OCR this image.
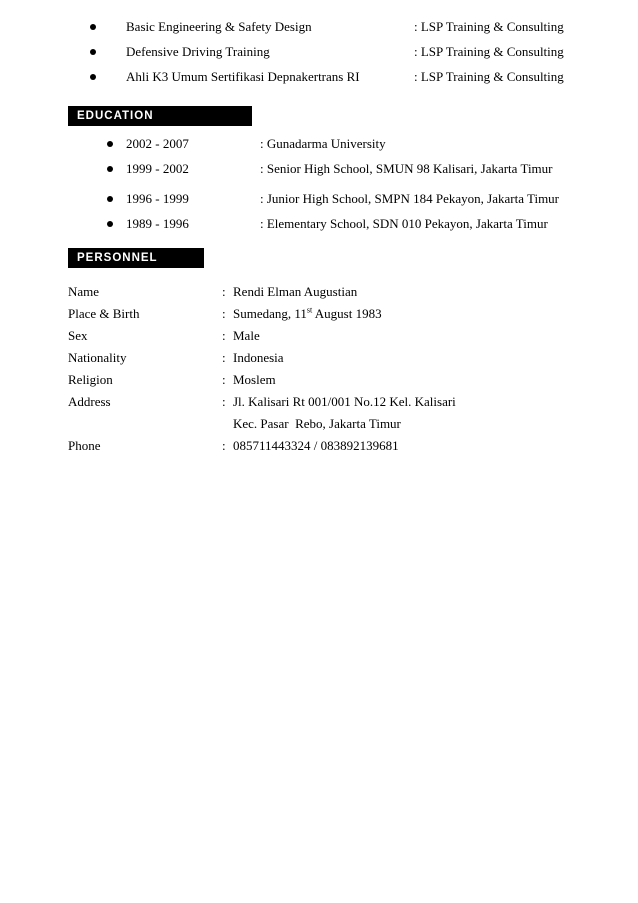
Basic Engineering & Safety Design	: LSP Training & Consulting
Defensive Driving Training	: LSP Training & Consulting
Ahli K3 Umum Sertifikasi Depnakertrans RI	: LSP Training & Consulting
EDUCATION
2002 - 2007	: Gunadarma University
1999 - 2002	: Senior High School, SMUN 98 Kalisari, Jakarta Timur
1996 - 1999	: Junior High School, SMPN 184 Pekayon, Jakarta Timur
1989 - 1996	: Elementary School, SDN 010 Pekayon, Jakarta Timur
PERSONNEL
Name	: Rendi Elman Augustian
Place & Birth	: Sumedang, 11st August 1983
Sex	: Male
Nationality	: Indonesia
Religion	: Moslem
Address	: Jl. Kalisari Rt 001/001 No.12 Kel. Kalisari
Kec. Pasar  Rebo, Jakarta Timur
Phone	: 085711443324 / 083892139681
